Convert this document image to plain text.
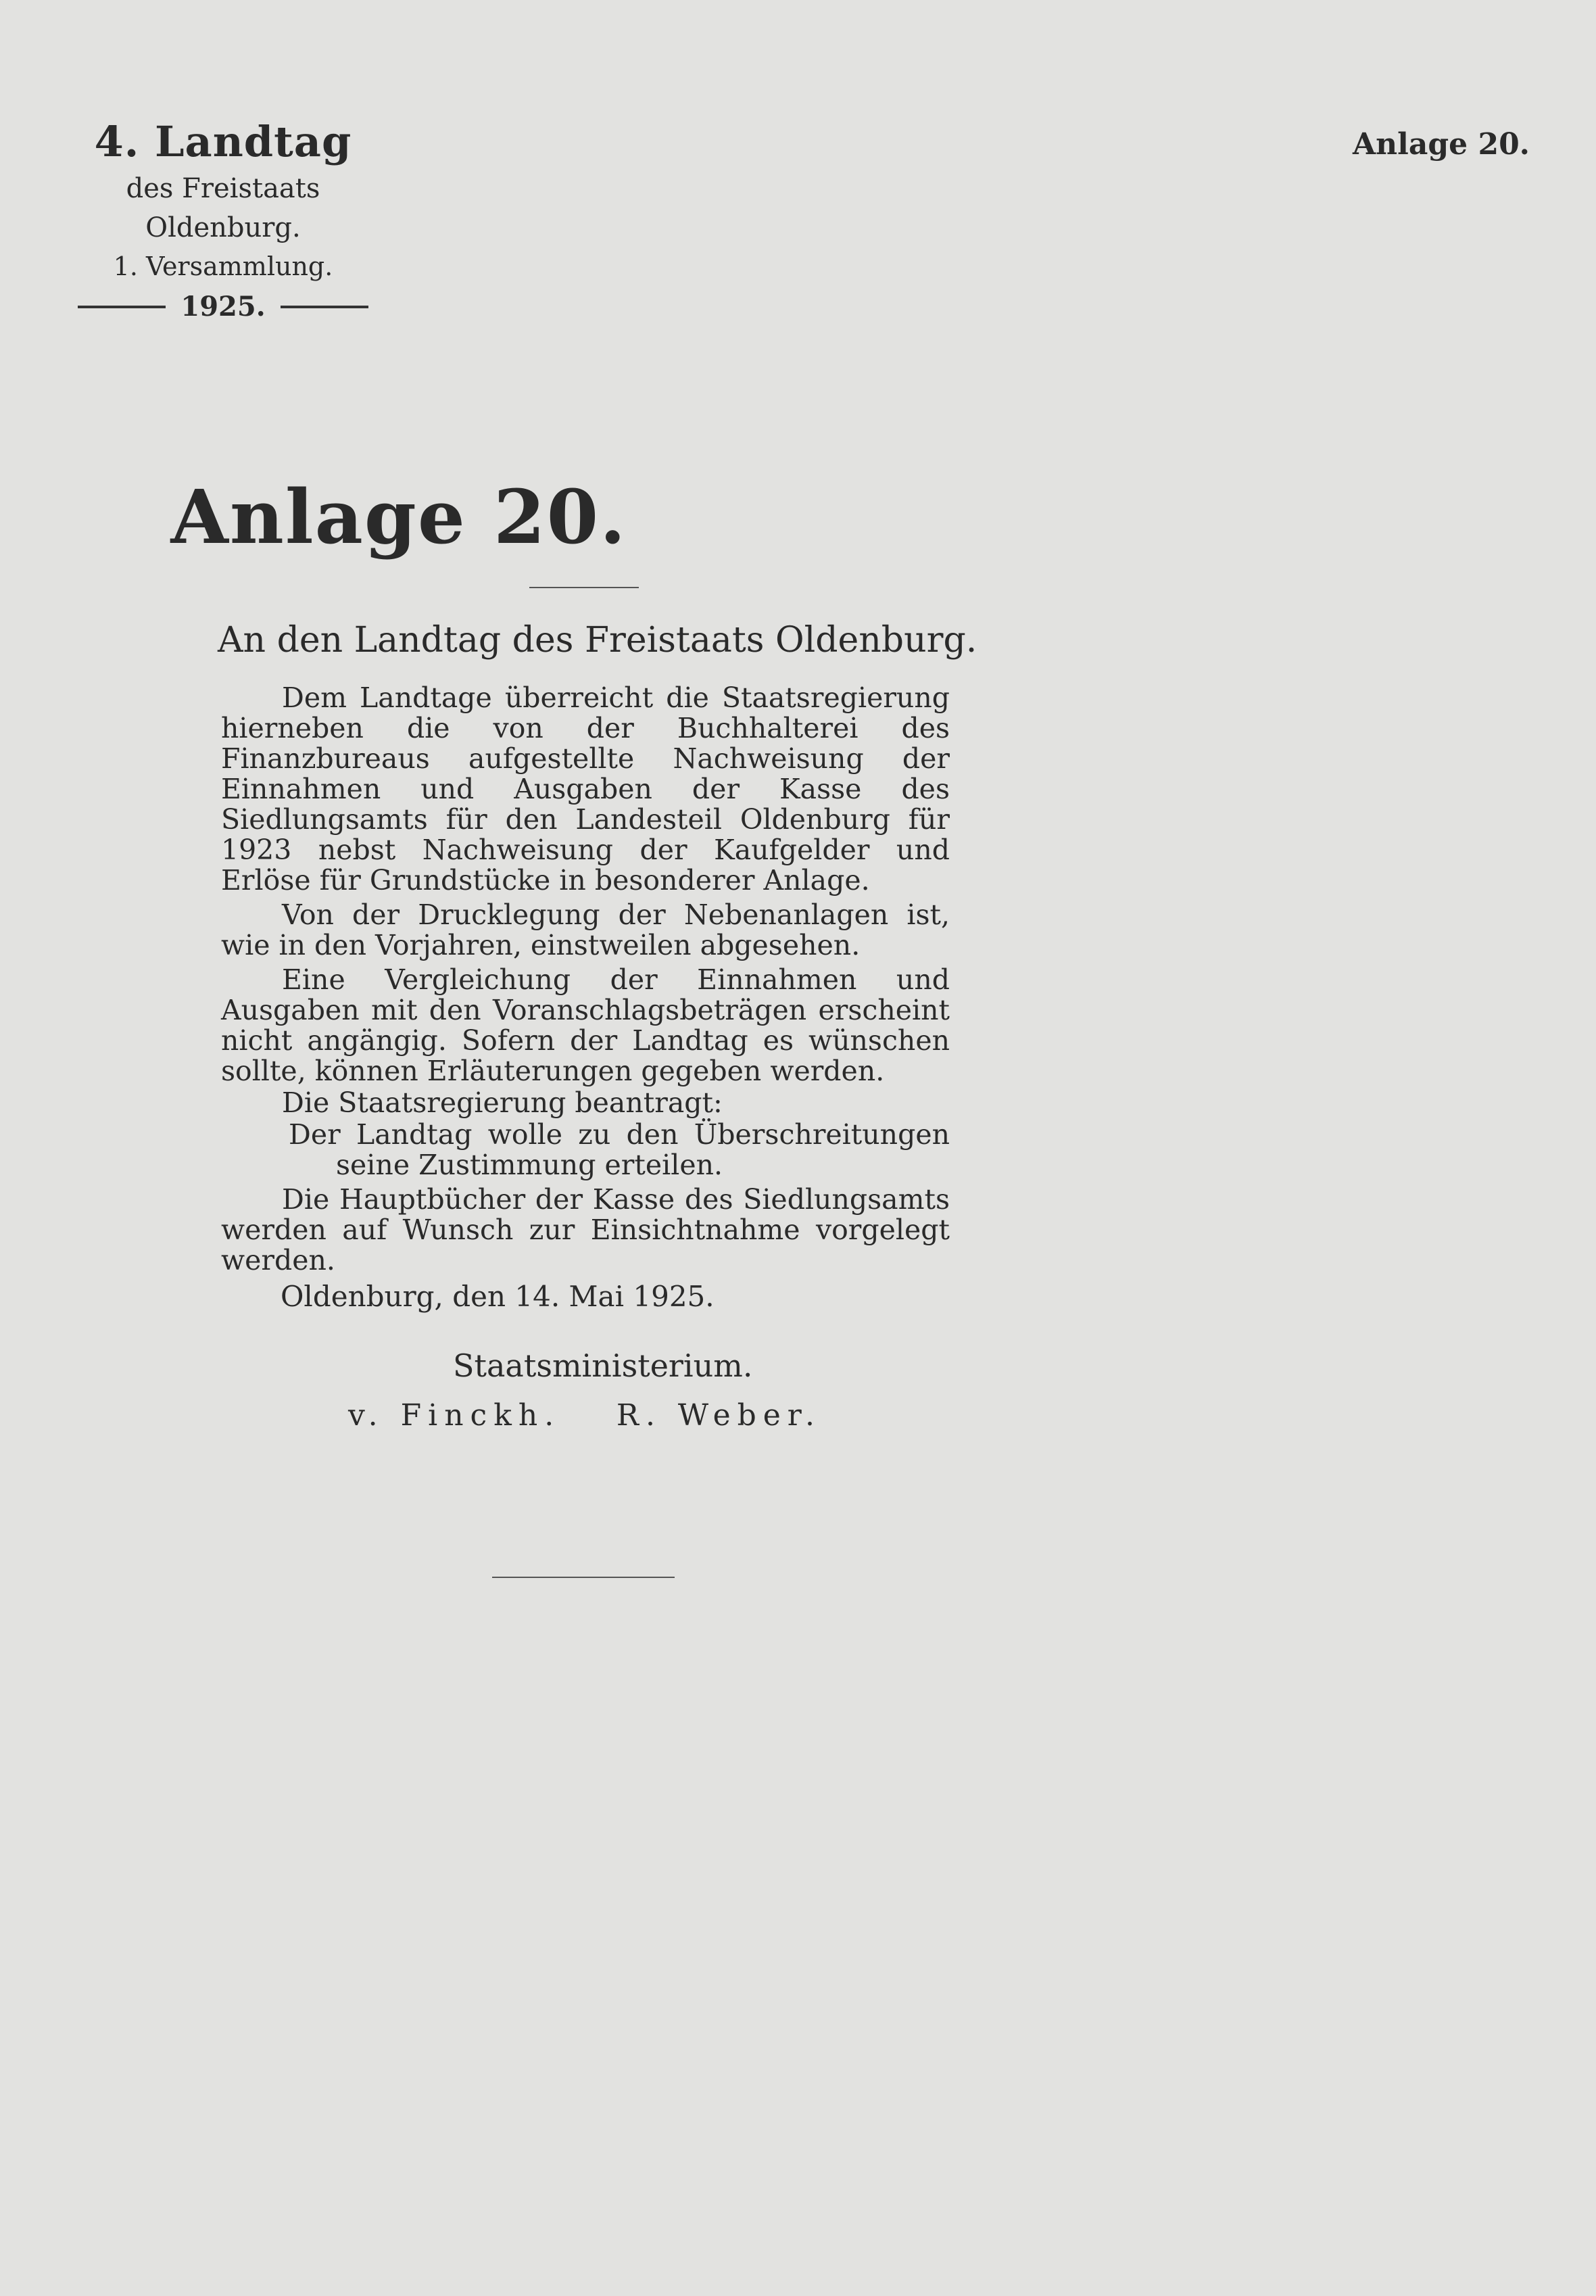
4. Landtag
des Freistaats Oldenburg.
1. Versammlung.
1925.
Anlage 20.
Anlage 20.
An den Landtag des Freistaats Oldenburg.

Dem Landtage überreicht die Staatsregierung hierneben die von der Buchhalterei des Finanzbureaus aufgestellte Nachweisung der Einnahmen und Ausgaben der Kasse des Siedlungsamts für den Landesteil Oldenburg für 1923 nebst Nachweisung der Kaufgelder und Erlöse für Grundstücke in besonderer Anlage.

Von der Drucklegung der Nebenanlagen ist, wie in den Vorjahren, einstweilen abgesehen.

Eine Vergleichung der Einnahmen und Ausgaben mit den Voranschlagsbeträgen erscheint nicht angängig. Sofern der Landtag es wünschen sollte, können Erläuterungen gegeben werden.

Die Staatsregierung beantragt:

Der Landtag wolle zu den Überschreitungen seine Zustimmung erteilen.

Die Hauptbücher der Kasse des Siedlungsamts werden auf Wunsch zur Einsichtnahme vorgelegt werden.

Oldenburg, den 14. Mai 1925.
Staatsministerium.
v. Finckh. R. Weber.
